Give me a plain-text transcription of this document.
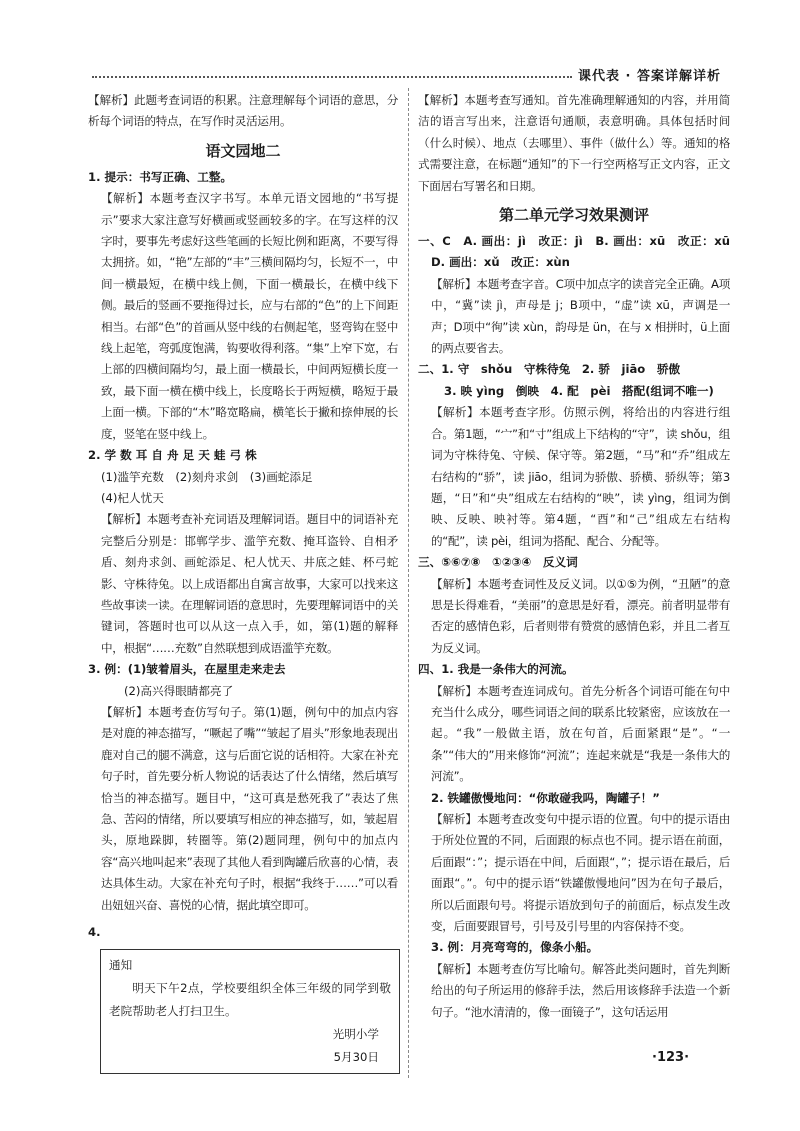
课代表 · 答案详解详析

【解析】此题考查词语的积累。注意理解每个词语的意思，分析每个词语的特点，在写作时灵活运用。

语文园地二

1. 提示：书写正确、工整。

【解析】本题考查汉字书写。本单元语文园地的“书写提示”要求大家注意写好横画或竖画较多的字。在写这样的汉字时，要事先考虑好这些笔画的长短比例和距离，不要写得太拥挤。如，“艳”左部的“丰”三横间隔均匀，长短不一，中间一横最短，在横中线上侧，下面一横最长，在横中线下侧。最后的竖画不要拖得过长，应与右部的“色”的上下间距相当。右部“色”的首画从竖中线的右侧起笔，竖弯钩在竖中线上起笔，弯弧度饱满，钩要收得利落。“集”上窄下宽，右上部的四横间隔均匀，最上面一横最长，中间两短横长度一致，最下面一横在横中线上，长度略长于两短横，略短于最上面一横。下部的“木”略宽略扁，横笔长于撇和捺伸展的长度，竖笔在竖中线上。

2. 学 数 耳 自 舟 足 天 蛙 弓 株

(1)滥竽充数　(2)刻舟求剑　(3)画蛇添足

(4)杞人忧天

【解析】本题考查补充词语及理解词语。题目中的词语补充完整后分别是：邯郸学步、滥竽充数、掩耳盗铃、自相矛盾、刻舟求剑、画蛇添足、杞人忧天、井底之蛙、杯弓蛇影、守株待兔。以上成语都出自寓言故事，大家可以找来这些故事读一读。在理解词语的意思时，先要理解词语中的关键词，答题时也可以从这一点入手，如，第(1)题的解释中，根据“……充数”自然联想到成语滥竽充数。

3. 例：(1)皱着眉头，在屋里走来走去

(2)高兴得眼睛都亮了

【解析】本题考查仿写句子。第(1)题，例句中的加点内容是对鹿的神态描写，“噘起了嘴”“皱起了眉头”形象地表现出鹿对自己的腿不满意，这与后面它说的话相符。大家在补充句子时，首先要分析人物说的话表达了什么情绪，然后填写恰当的神态描写。题目中，“这可真是愁死我了”表达了焦急、苦闷的情绪，所以要填写相应的神态描写，如，皱起眉头，原地跺脚，转圈等。第(2)题同理，例句中的加点内容“高兴地叫起来”表现了其他人看到陶罐后欣喜的心情，表达具体生动。大家在补充句子时，根据“我终于……”可以看出妞妞兴奋、喜悦的心情，据此填空即可。

4.

通知
明天下午2点，学校要组织全体三年级的同学到敬老院帮助老人打扫卫生。
光明小学
5月30日

【解析】本题考查写通知。首先准确理解通知的内容，并用简洁的语言写出来，注意语句通顺，表意明确。具体包括时间（什么时候）、地点（去哪里）、事件（做什么）等。通知的格式需要注意，在标题“通知”的下一行空两格写正文内容，正文下面居右写署名和日期。

第二单元学习效果测评

一、C　A. 画出：jì　改正：jì　B. 画出：xū　改正：xū　D. 画出：xǔ　改正：xùn

【解析】本题考查字音。C项中加点字的读音完全正确。A项中，“冀”读 jì，声母是 j；B项中，“虚”读 xū，声调是一声；D项中“徇”读 xùn，韵母是 ün，在与 x 相拼时，ü上面的两点要省去。

二、1. 守　shǒu　守株待兔　2. 骄　jiāo　骄傲

3. 映 yìng　倒映　4. 配　pèi　搭配(组词不唯一)

【解析】本题考查字形。仿照示例，将给出的内容进行组合。第1题，“宀”和“寸”组成上下结构的“守”，读 shǒu，组词为守株待兔、守候、保守等。第2题，“马”和“乔”组成左右结构的“骄”，读 jiāo，组词为骄傲、骄横、骄纵等；第3题，“日”和“央”组成左右结构的“映”，读 yìng，组词为倒映、反映、映衬等。第4题，“酉”和“己”组成左右结构的“配”，读 pèi，组词为搭配、配合、分配等。

三、⑤⑥⑦⑧　①②③④　反义词

【解析】本题考查词性及反义词。以①⑤为例，“丑陋”的意思是长得难看，“美丽”的意思是好看，漂亮。前者明显带有否定的感情色彩，后者则带有赞赏的感情色彩，并且二者互为反义词。

四、1. 我是一条伟大的河流。

【解析】本题考查连词成句。首先分析各个词语可能在句中充当什么成分，哪些词语之间的联系比较紧密，应该放在一起。“我”一般做主语，放在句首，后面紧跟“是”。“一条”“伟大的”用来修饰“河流”；连起来就是“我是一条伟大的河流”。

2. 铁罐傲慢地问：“你敢碰我吗，陶罐子！”

【解析】本题考查改变句中提示语的位置。句中的提示语由于所处位置的不同，后面跟的标点也不同。提示语在前面，后面跟“：”；提示语在中间，后面跟“，”；提示语在最后，后面跟“。”。句中的提示语“铁罐傲慢地问”因为在句子最后，所以后面跟句号。将提示语放到句子的前面后，标点发生改变，后面要跟冒号，引号及引号里的内容保持不变。

3. 例：月亮弯弯的，像条小船。

【解析】本题考查仿写比喻句。解答此类问题时，首先判断给出的句子所运用的修辞手法，然后用该修辞手法造一个新句子。“池水清清的，像一面镜子”，这句话运用

·123·
